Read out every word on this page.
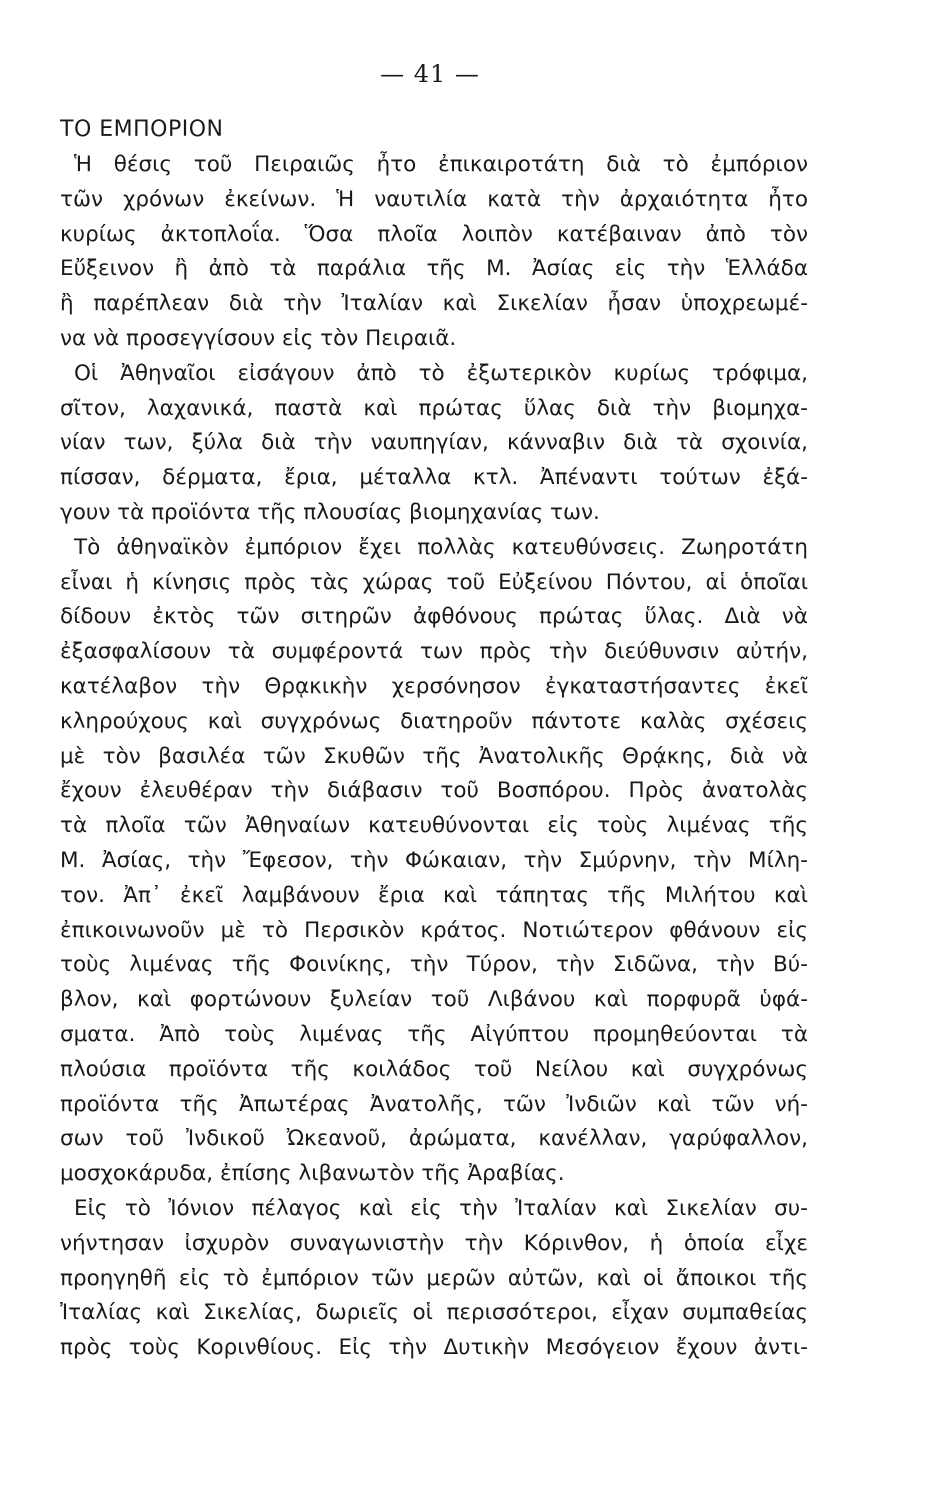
— 41 —
ΤΟ ΕΜΠΟΡΙΟΝ
Ἡ θέσις τοῦ Πειραιῶς ἦτο ἐπικαιροτάτη διὰ τὸ ἐμπόριον
τῶν χρόνων ἐκείνων. Ἡ ναυτιλία κατὰ τὴν ἀρχαιότητα ἦτο
κυρίως ἀκτοπλοΐα. Ὅσα πλοῖα λοιπὸν κατέβαιναν ἀπὸ τὸν
Εὔξεινον ἢ ἀπὸ τὰ παράλια τῆς Μ. Ἀσίας εἰς τὴν Ἑλλάδα
ἢ παρέπλεαν διὰ τὴν Ἰταλίαν καὶ Σικελίαν ἦσαν ὑποχρεωμέ-
να νὰ προσεγγίσουν εἰς τὸν Πειραιᾶ.
Οἱ Ἀθηναῖοι εἰσάγουν ἀπὸ τὸ ἐξωτερικὸν κυρίως τρόφιμα,
σῖτον, λαχανικά, παστὰ καὶ πρώτας ὕλας διὰ τὴν βιομηχα-
νίαν των, ξύλα διὰ τὴν ναυπηγίαν, κάνναβιν διὰ τὰ σχοινία,
πίσσαν, δέρματα, ἔρια, μέταλλα κτλ. Ἀπέναντι τούτων ἐξά-
γουν τὰ προϊόντα τῆς πλουσίας βιομηχανίας των.
Τὸ ἀθηναϊκὸν ἐμπόριον ἔχει πολλὰς κατευθύνσεις. Ζωηροτάτη
εἶναι ἡ κίνησις πρὸς τὰς χώρας τοῦ Εὐξείνου Πόντου, αἱ ὁποῖαι
δίδουν ἐκτὸς τῶν σιτηρῶν ἀφθόνους πρώτας ὕλας. Διὰ νὰ
ἐξασφαλίσουν τὰ συμφέροντά των πρὸς τὴν διεύθυνσιν αὐτήν,
κατέλαβον τὴν Θρᾳκικὴν χερσόνησον ἐγκαταστήσαντες ἐκεῖ
κληρούχους καὶ συγχρόνως διατηροῦν πάντοτε καλὰς σχέσεις
μὲ τὸν βασιλέα τῶν Σκυθῶν τῆς Ἀνατολικῆς Θρᾴκης, διὰ νὰ
ἔχουν ἐλευθέραν τὴν διάβασιν τοῦ Βοσπόρου. Πρὸς ἀνατολὰς
τὰ πλοῖα τῶν Ἀθηναίων κατευθύνονται εἰς τοὺς λιμένας τῆς
Μ. Ἀσίας, τὴν Ἔφεσον, τὴν Φώκαιαν, τὴν Σμύρνην, τὴν Μίλη-
τον. Ἀπ᾿ ἐκεῖ λαμβάνουν ἔρια καὶ τάπητας τῆς Μιλήτου καὶ
ἐπικοινωνοῦν μὲ τὸ Περσικὸν κράτος. Νοτιώτερον φθάνουν εἰς
τοὺς λιμένας τῆς Φοινίκης, τὴν Τύρον, τὴν Σιδῶνα, τὴν Βύ-
βλον, καὶ φορτώνουν ξυλείαν τοῦ Λιβάνου καὶ πορφυρᾶ ὑφά-
σματα. Ἀπὸ τοὺς λιμένας τῆς Αἰγύπτου προμηθεύονται τὰ
πλούσια προϊόντα τῆς κοιλάδος τοῦ Νείλου καὶ συγχρόνως
προϊόντα τῆς Ἀπωτέρας Ἀνατολῆς, τῶν Ἰνδιῶν καὶ τῶν νή-
σων τοῦ Ἰνδικοῦ Ὠκεανοῦ, ἀρώματα, κανέλλαν, γαρύφαλλον,
μοσχοκάρυδα, ἐπίσης λιβανωτὸν τῆς Ἀραβίας.
Εἰς τὸ Ἰόνιον πέλαγος καὶ εἰς τὴν Ἰταλίαν καὶ Σικελίαν συ-
νήντησαν ἰσχυρὸν συναγωνιστὴν τὴν Κόρινθον, ἡ ὁποία εἶχε
προηγηθῆ εἰς τὸ ἐμπόριον τῶν μερῶν αὐτῶν, καὶ οἱ ἄποικοι τῆς
Ἰταλίας καὶ Σικελίας, δωριεῖς οἱ περισσότεροι, εἶχαν συμπαθείας
πρὸς τοὺς Κορινθίους. Εἰς τὴν Δυτικὴν Μεσόγειον ἔχουν ἀντι-
